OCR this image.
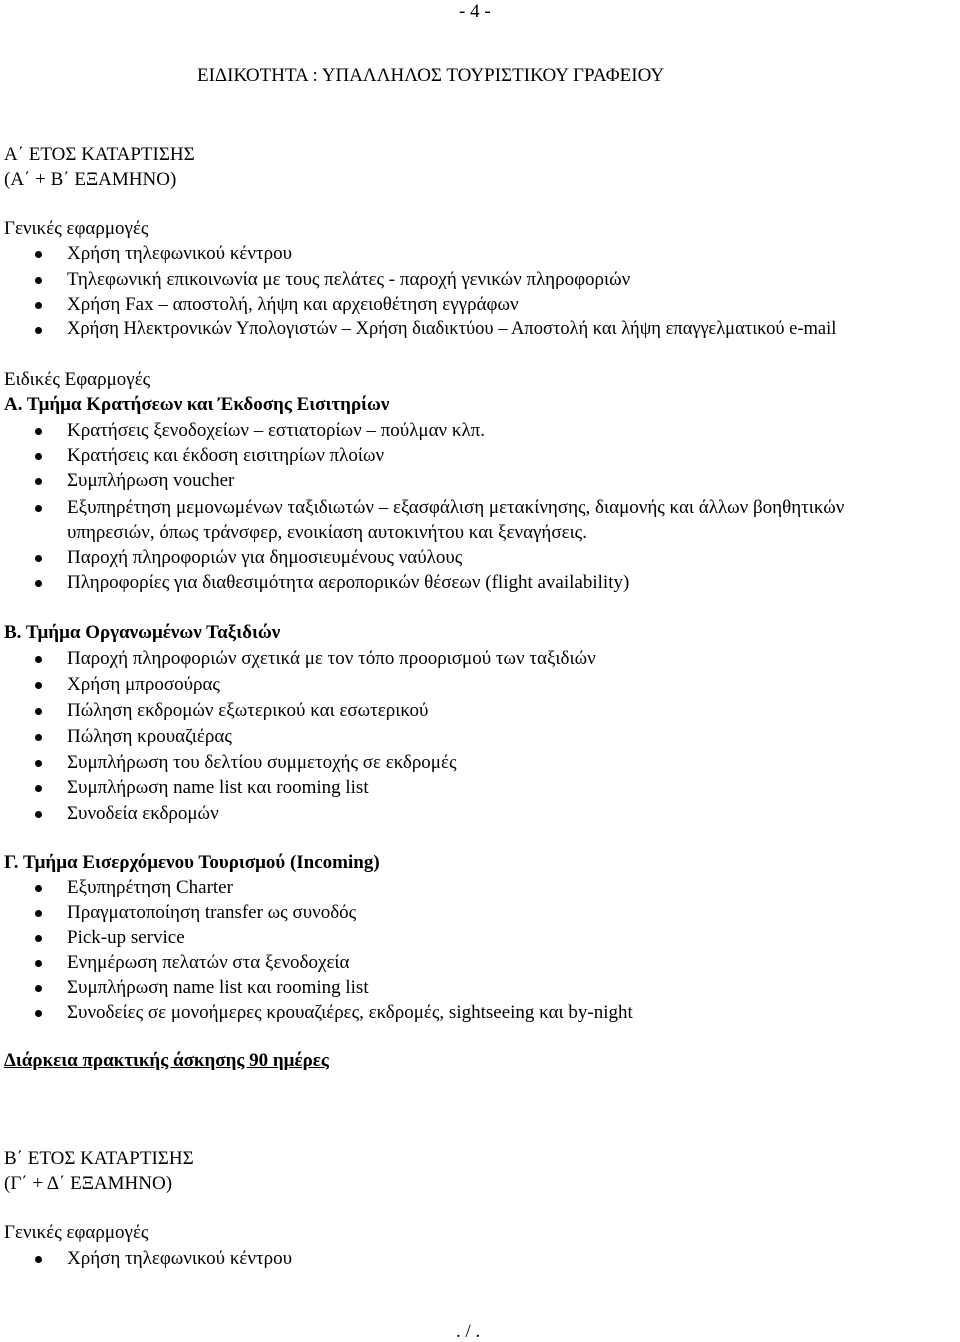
- 4 -
ΕΙΔΙΚΟΤΗΤΑ : ΥΠΑΛΛΗΛΟΣ ΤΟΥΡΙΣΤΙΚΟΥ ΓΡΑΦΕΙΟΥ
Α΄ ΕΤΟΣ ΚΑΤΑΡΤΙΣΗΣ
(Α΄ + Β΄ ΕΞΑΜΗΝΟ)
Γενικές εφαρμογές
Χρήση τηλεφωνικού κέντρου
Τηλεφωνική επικοινωνία με τους πελάτες - παροχή γενικών πληροφοριών
Χρήση Fax – αποστολή, λήψη και αρχειοθέτηση εγγράφων
Χρήση Ηλεκτρονικών Υπολογιστών – Χρήση διαδικτύου – Αποστολή και λήψη επαγγελματικού e-mail
Ειδικές Εφαρμογές
Α. Τμήμα Κρατήσεων και Έκδοσης Εισιτηρίων
Κρατήσεις ξενοδοχείων – εστιατορίων – πούλμαν κλπ.
Κρατήσεις και έκδοση εισιτηρίων πλοίων
Συμπλήρωση voucher
Εξυπηρέτηση μεμονωμένων ταξιδιωτών – εξασφάλιση μετακίνησης, διαμονής και άλλων βοηθητικών
υπηρεσιών, όπως τράνσφερ, ενοικίαση αυτοκινήτου και ξεναγήσεις.
Παροχή πληροφοριών για δημοσιευμένους ναύλους
Πληροφορίες για διαθεσιμότητα αεροπορικών θέσεων (flight availability)
Β. Τμήμα Οργανωμένων Ταξιδιών
Παροχή πληροφοριών σχετικά με τον τόπο προορισμού των ταξιδιών
Χρήση μπροσούρας
Πώληση εκδρομών εξωτερικού και εσωτερικού
Πώληση κρουαζιέρας
Συμπλήρωση του δελτίου συμμετοχής σε εκδρομές
Συμπλήρωση name list και rooming list
Συνοδεία εκδρομών
Γ. Τμήμα Εισερχόμενου Τουρισμού (Incoming)
Εξυπηρέτηση Charter
Πραγματοποίηση transfer ως συνοδός
Pick-up service
Ενημέρωση πελατών στα ξενοδοχεία
Συμπλήρωση name list και rooming list
Συνοδείες σε μονοήμερες κρουαζιέρες, εκδρομές, sightseeing και by-night
Διάρκεια πρακτικής άσκησης 90 ημέρες
Β΄ ΕΤΟΣ ΚΑΤΑΡΤΙΣΗΣ
(Γ΄ + Δ΄ ΕΞΑΜΗΝΟ)
Γενικές εφαρμογές
Χρήση τηλεφωνικού κέντρου
. / .
